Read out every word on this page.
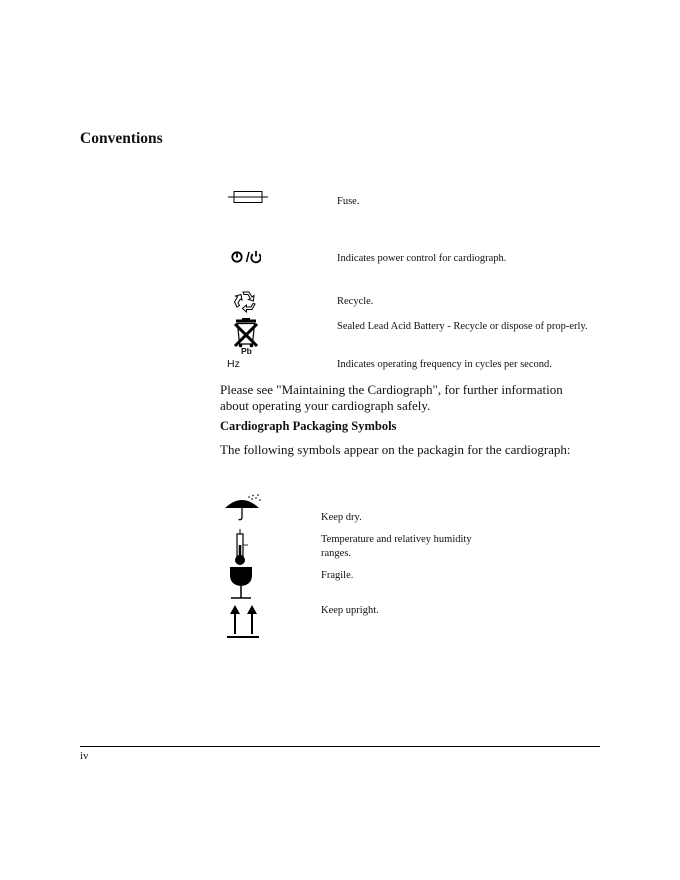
Conventions
Fuse.
Indicates power control for cardiograph.
Recycle.
Pb
Sealed Lead Acid Battery - Recycle or dispose of prop-erly.
Hz	Indicates operating frequency in cycles per second.
Please see "Maintaining the Cardiograph", for further information about operating your cardiograph safely.
Cardiograph Packaging Symbols
The following symbols appear on the packagin for the cardiograph:
Keep dry.
Temperature and relativey humidity ranges.
Fragile.
Keep upright.
iv
